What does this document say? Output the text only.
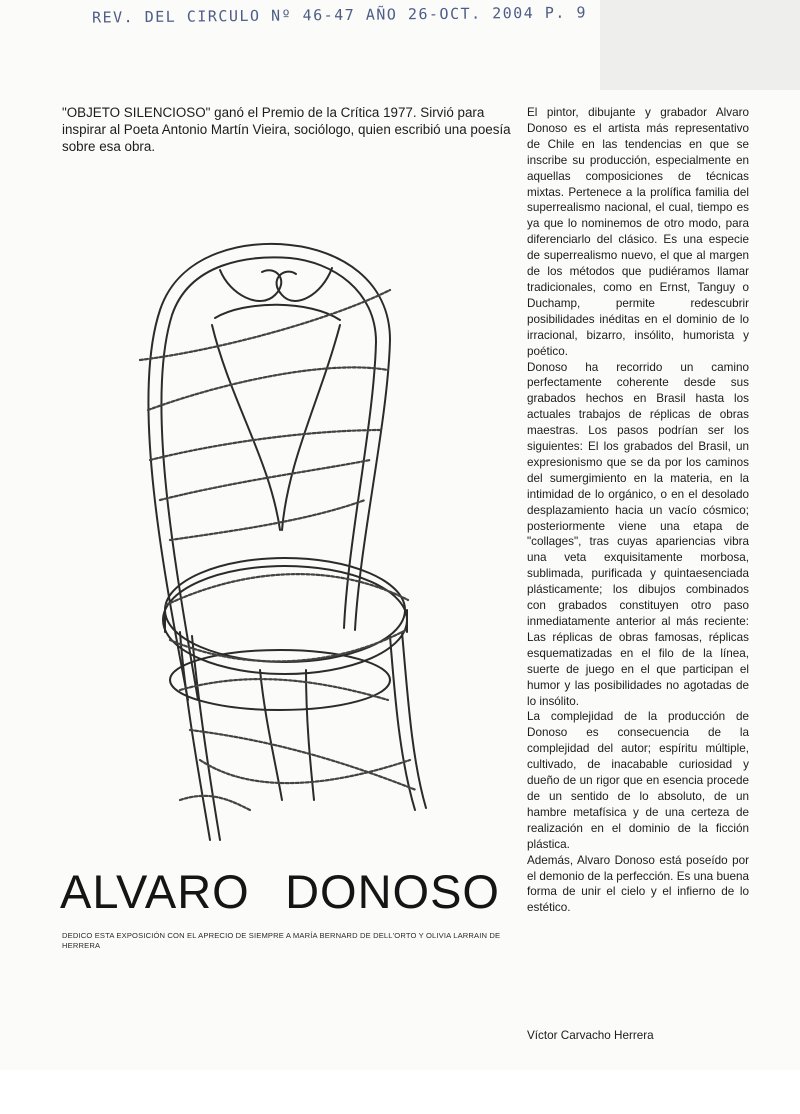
REV. DEL CIRCULO Nº 46-47 AÑO 26-OCT. 2004 P. 9
"OBJETO SILENCIOSO" ganó el Premio de la Crítica 1977. Sirvió para inspirar al Poeta Antonio Martín Vieira, sociólogo, quien escribió una poesía sobre esa obra.
ALVARO DONOSO
DEDICO ESTA EXPOSICIÓN CON EL APRECIO DE SIEMPRE A MARÍA BERNARD DE DELL'ORTO Y OLIVIA LARRAIN DE HERRERA

El pintor, dibujante y grabador Alvaro Donoso es el artista más representativo de Chile en las tendencias en que se inscribe su producción, especialmente en aquellas composiciones de técnicas mixtas. Pertenece a la prolífica familia del superrealismo nacional, el cual, tiempo es ya que lo nominemos de otro modo, para diferenciarlo del clásico. Es una especie de superrealismo nuevo, el que al margen de los métodos que pudiéramos llamar tradicionales, como en Ernst, Tanguy o Duchamp, permite redescubrir posibilidades inéditas en el dominio de lo irracional, bizarro, insólito, humorista y poético.

Donoso ha recorrido un camino perfectamente coherente desde sus grabados hechos en Brasil hasta los actuales trabajos de réplicas de obras maestras. Los pasos podrían ser los siguientes: El los grabados del Brasil, un expresionismo que se da por los caminos del sumergimiento en la materia, en la intimidad de lo orgánico, o en el desolado desplazamiento hacia un vacío cósmico; posteriormente viene una etapa de "collages", tras cuyas apariencias vibra una veta exquisitamente morbosa, sublimada, purificada y quintaesenciada plásticamente; los dibujos combinados con grabados constituyen otro paso inmediatamente anterior al más reciente: Las réplicas de obras famosas, réplicas esquematizadas en el filo de la línea, suerte de juego en el que participan el humor y las posibilidades no agotadas de lo insólito.

La complejidad de la producción de Donoso es consecuencia de la complejidad del autor; espíritu múltiple, cultivado, de inacabable curiosidad y dueño de un rigor que en esencia procede de un sentido de lo absoluto, de un hambre metafísica y de una certeza de realización en el dominio de la ficción plástica.

Además, Alvaro Donoso está poseído por el demonio de la perfección. Es una buena forma de unir el cielo y el infierno de lo estético.

Víctor Carvacho Herrera
